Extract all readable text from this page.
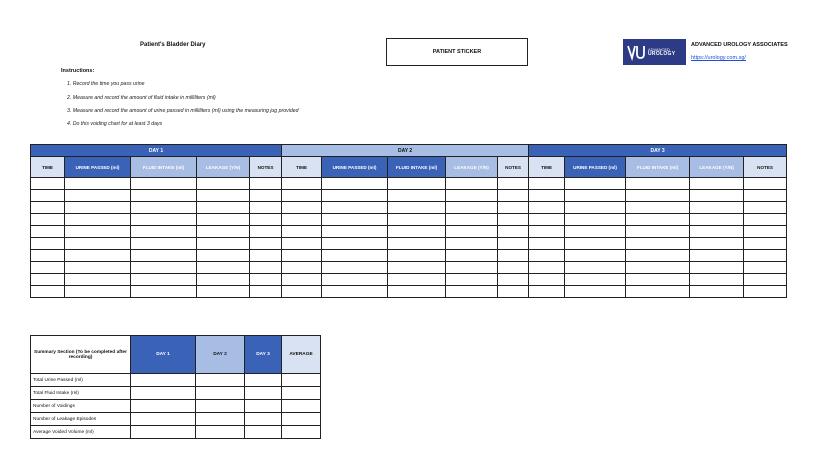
Patient's Bladder Diary
PATIENT STICKER	ADVANCED
UROLOGY
ADVANCED UROLOGY ASSOCIATES
https://urology.com.sg/
Instructions:
1. Record the time you pass urine
2. Measure and record the amount of fluid intake in milliliters (ml)
3. Measure and record the amount of urine passed in milliliters (ml) using the measuring jug provided
4. Do this voiding chart for at least 3 days
DAY 1					DAY 2					DAY 3				
TIME	URINE PASSED (ml)	FLUID INTAKE (ml)	LEAKAGE (Y/N)	NOTES	TIME	URINE PASSED (ml)	FLUID INTAKE (ml)	LEAKAGE (Y/N)	NOTES	TIME	URINE PASSED (ml)	FLUID INTAKE (ml)	LEAKAGE (Y/N)	NOTES

Summary Section (To be completed after recording)	DAY 1	DAY 2	DAY 3	AVERAGE
Total Urine Passed (ml)				
Total Fluid Intake (ml)				
Number of Voidings				
Number of Leakage Episodes				
Average Voided Volume (ml)				
